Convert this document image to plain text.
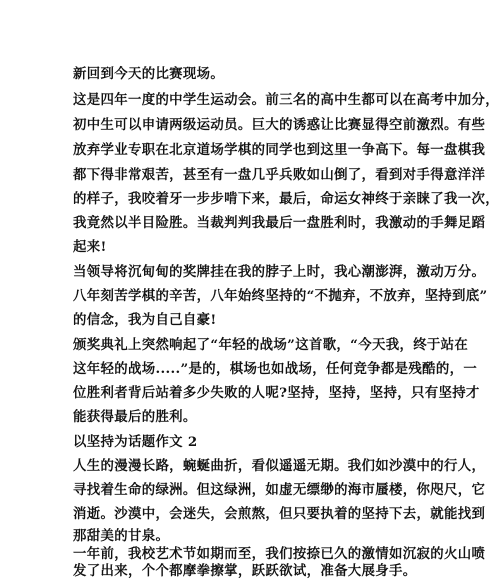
新回到今天的比赛现场。
这是四年一度的中学生运动会。前三名的高中生都可以在高考中加分，
初中生可以申请两级运动员。巨大的诱惑让比赛显得空前激烈。有些
放弃学业专职在北京道场学棋的同学也到这里一争高下。每一盘棋我
都下得非常艰苦，甚至有一盘几乎兵败如山倒了，看到对手得意洋洋
的样子，我咬着牙一步步啃下来，最后，命运女神终于亲睐了我一次，
我竟然以半目险胜。当裁判判我最后一盘胜利时，我激动的手舞足蹈
起来!
当领导将沉甸甸的奖牌挂在我的脖子上时，我心潮澎湃，激动万分。
八年刻苦学棋的辛苦，八年始终坚持的“不抛弃，不放弃，坚持到底”
的信念，我为自己自豪!
颁奖典礼上突然响起了“年轻的战场”这首歌，“今天我，终于站在
这年轻的战场.....”是的，棋场也如战场，任何竞争都是残酷的，一
位胜利者背后站着多少失败的人呢?坚持，坚持，坚持，只有坚持才
能获得最后的胜利。
以坚持为话题作文 2
人生的漫漫长路，蜿蜒曲折，看似遥遥无期。我们如沙漠中的行人，
寻找着生命的绿洲。但这绿洲，如虚无缥缈的海市蜃楼，你咫尺，它
消逝。沙漠中，会迷失，会煎熬，但只要执着的坚持下去，就能找到
那甜美的甘泉。
一年前，我校艺术节如期而至，我们按捺已久的激情如沉寂的火山喷
发了出来，个个都摩拳擦掌，跃跃欲试，准备大展身手。
